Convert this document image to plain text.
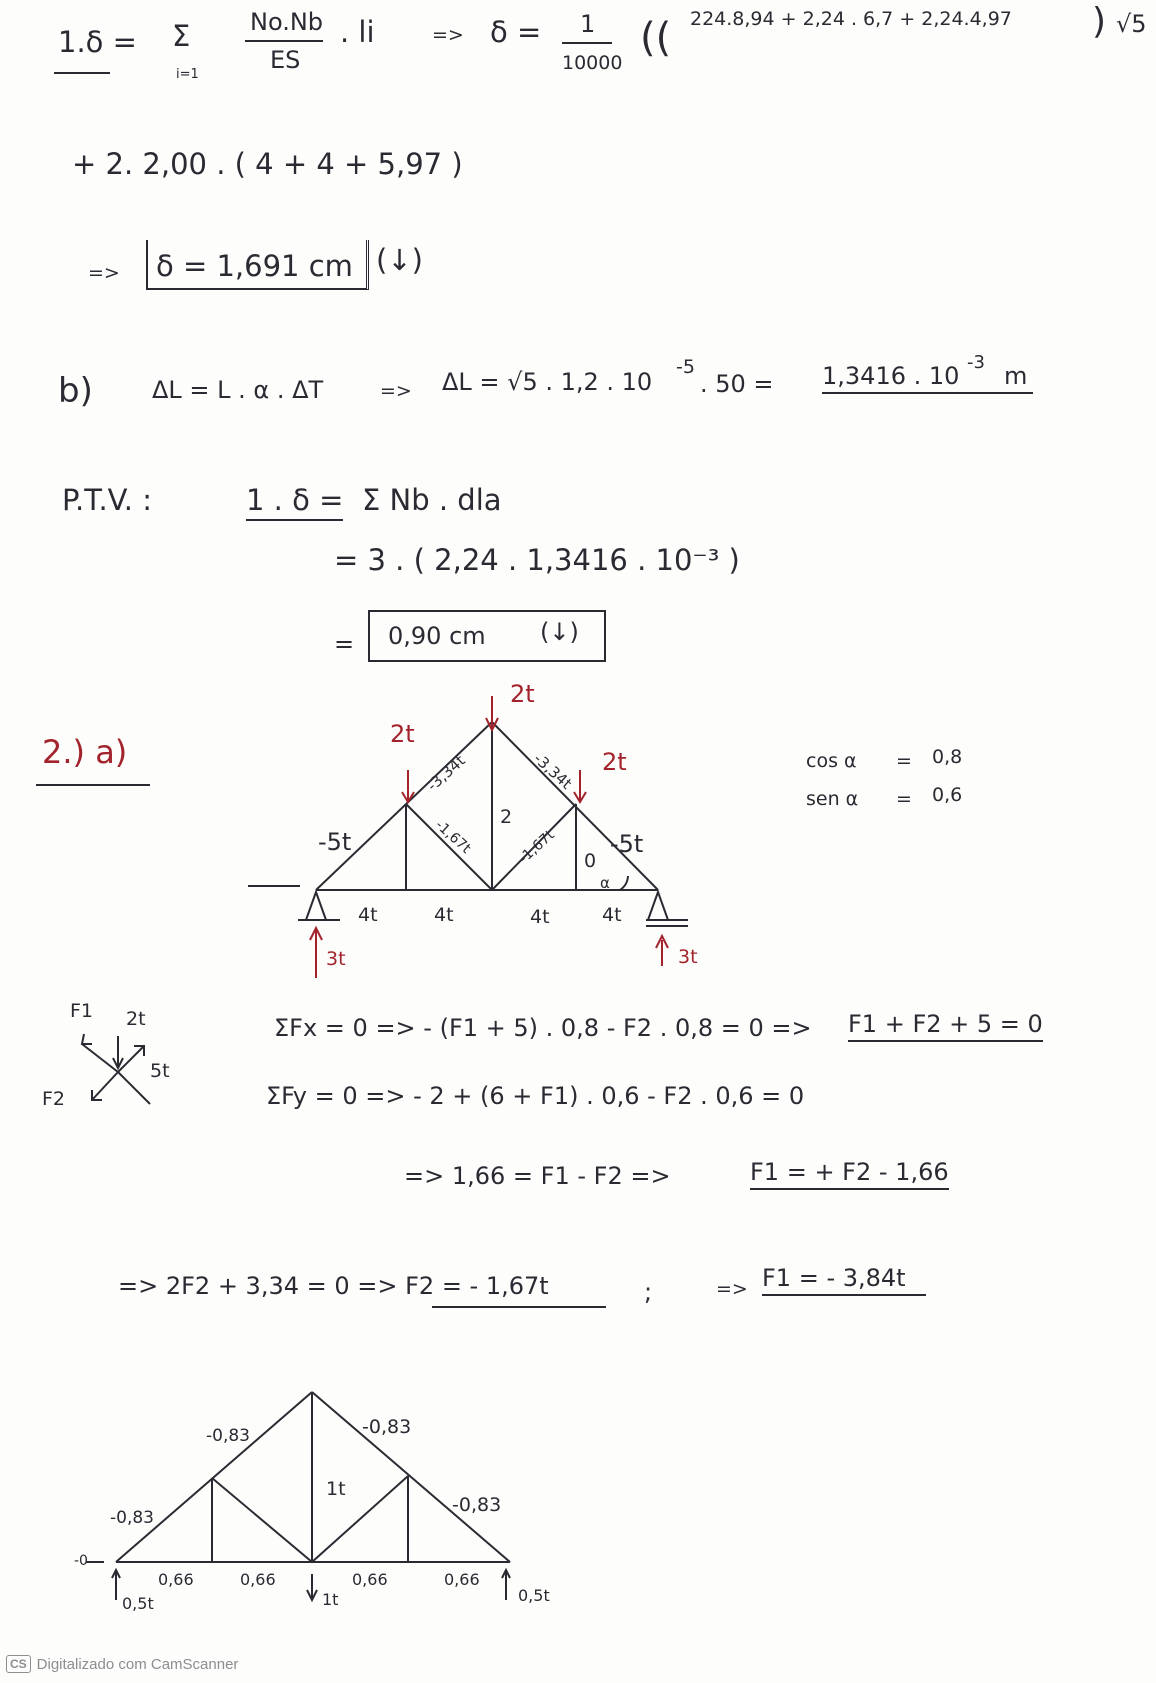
1.δ = Σ
i=1
No.Nb
ES
. li	=> δ = 1
10000
(( 224.8,94 + 2,24 . 6,7 + 2,24.4,97 ) √5
+ 2. 2,00 . ( 4 + 4 + 5,97 )
=> δ = 1,691 cm (↓)
b) ΔL = L . α . ΔT	=> ΔL = √5 . 1,2 . 10
-5
. 50 = 1,3416 . 10 $^{-3}$ m
P.T.V. :	1 . δ = Σ Nb . dla
= 3 . ( 2,24 . 1,3416 . 10⁻³ )
= 0,90 cm (↓)
2.) a)	2t
2t
2t
-3,34t	-3,34t
-5t	-5t
-1,67t	-1,67t
2
0
α
4t	4t	4t	4t
3t	3t
cos α = 0,8
sen α = 0,6
F1 2t
F2
5t
ΣFx = 0 => - (F1 + 5) . 0,8 - F2 . 0,8 = 0 => F1 + F2 + 5 = 0
ΣFy = 0 => - 2 + (6 + F1) . 0,6 - F2 . 0,6 = 0
=> 1,66 = F1 - F2 =>	F1 = + F2 - 1,66
=> 2F2 + 3,34 = 0 => F2 = - 1,67t	;	=> F1 = - 3,84t
-0,83	-0,83
-0,83
-0,83
1t
-0
0,66	0,66	0,66	0,66
0,5t	1t	0,5t
CS Digitalizado com CamScanner
